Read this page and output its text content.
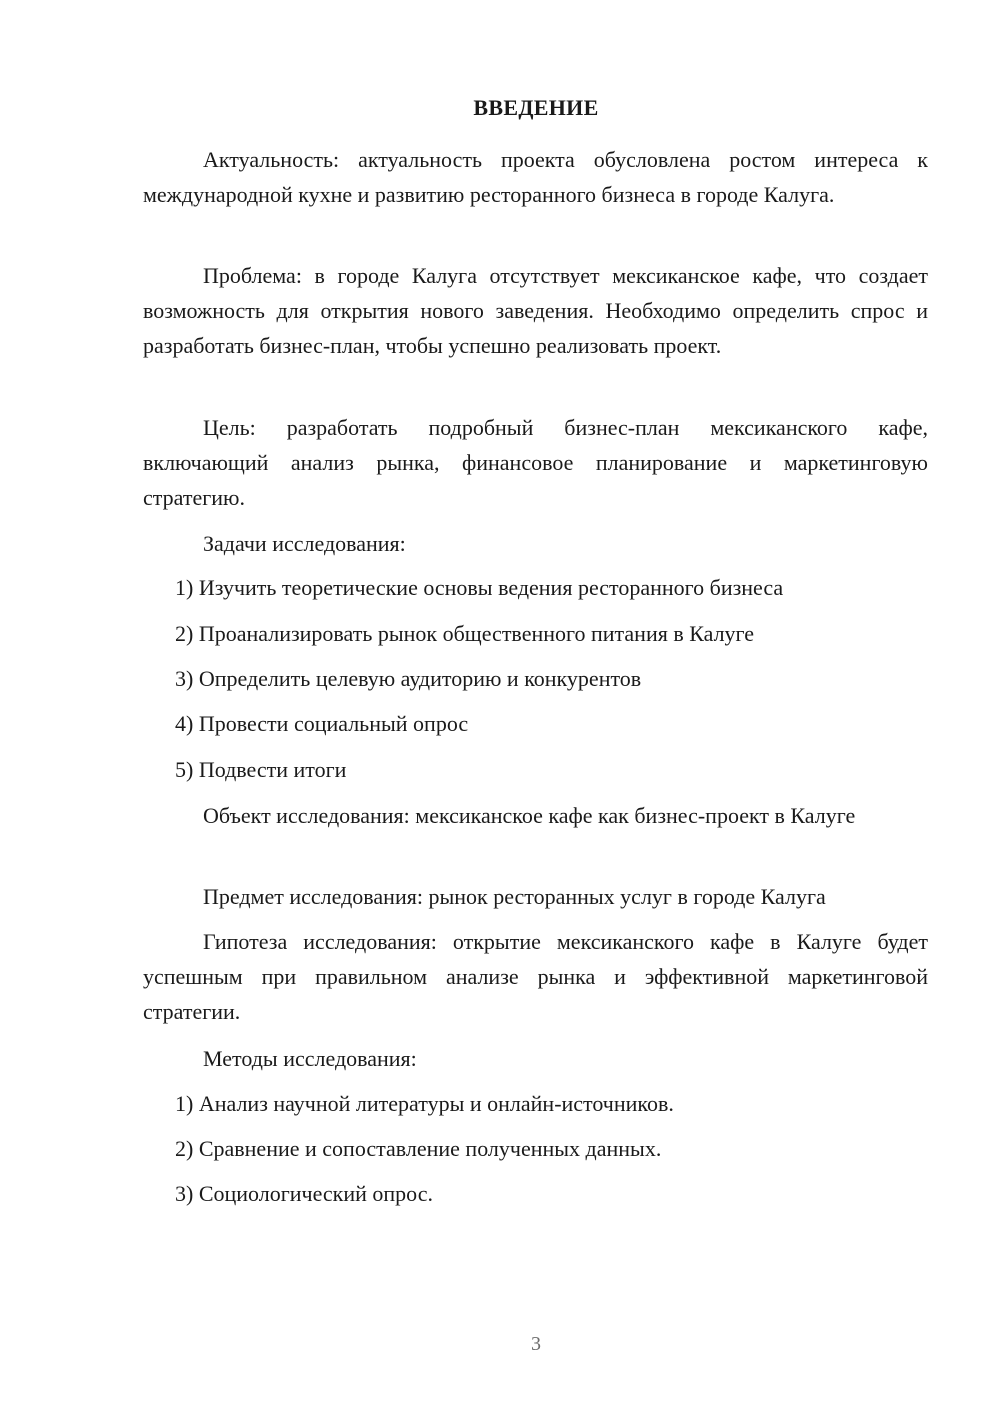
ВВЕДЕНИЕ

Актуальность: актуальность проекта обусловлена ростом интереса к международной кухне и развитию ресторанного бизнеса в городе Калуга.

Проблема: в городе Калуга отсутствует мексиканское кафе, что создает возможность для открытия нового заведения. Необходимо определить спрос и разработать бизнес-план, чтобы успешно реализовать проект.

Цель: разработать подробный бизнес-план мексиканского кафе, включающий анализ рынка, финансовое планирование и маркетинговую стратегию.

Задачи исследования:

1) Изучить теоретические основы ведения ресторанного бизнеса
2) Проанализировать рынок общественного питания в Калуге
3) Определить целевую аудиторию и конкурентов
4) Провести социальный опрос
5) Подвести итоги

Объект исследования: мексиканское кафе как бизнес-проект в Калуге

Предмет исследования: рынок ресторанных услуг в городе Калуга

Гипотеза исследования: открытие мексиканского кафе в Калуге будет успешным при правильном анализе рынка и эффективной маркетинговой стратегии.

Методы исследования:

1) Анализ научной литературы и онлайн-источников.
2) Сравнение и сопоставление полученных данных.
3) Социологический опрос.
3
